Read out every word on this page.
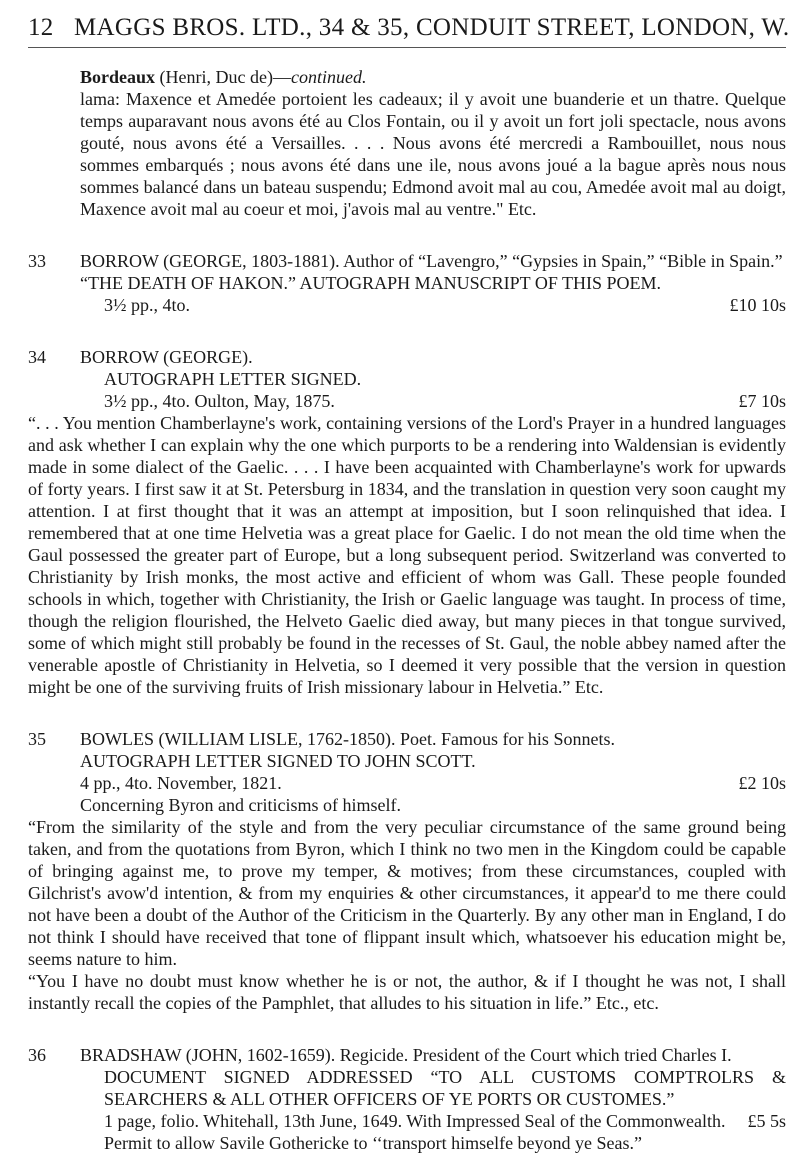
12 MAGGS BROS. LTD., 34 & 35, CONDUIT STREET, LONDON, W.

Bordeaux (Henri, Duc de)—continued.

lama: Maxence et Amedée portoient les cadeaux; il y avoit une buanderie et un thatre. Quelque temps auparavant nous avons été au Clos Fontain, ou il y avoit un fort joli spectacle, nous avons gouté, nous avons été a Versailles. . . . Nous avons été mercredi a Rambouillet, nous nous sommes embarqués ; nous avons été dans une ile, nous avons joué a la bague après nous nous sommes balancé dans un bateau suspendu; Edmond avoit mal au cou, Amedée avoit mal au doigt, Maxence avoit mal au coeur et moi, j'avois mal au ventre." Etc.

33	BORROW (GEORGE, 1803-1881). Author of “Lavengro,” “Gypsies in Spain,” “Bible in Spain.”

“THE DEATH OF HAKON.” AUTOGRAPH MANUSCRIPT OF THIS POEM.

3½ pp., 4to.	£10 10s
34	BORROW (GEORGE).

AUTOGRAPH LETTER SIGNED.

3½ pp., 4to. Oulton, May, 1875.	£7 10s

“. . . You mention Chamberlayne's work, containing versions of the Lord's Prayer in a hundred languages and ask whether I can explain why the one which purports to be a rendering into Waldensian is evidently made in some dialect of the Gaelic. . . . I have been acquainted with Chamberlayne's work for upwards of forty years. I first saw it at St. Petersburg in 1834, and the translation in question very soon caught my attention. I at first thought that it was an attempt at imposition, but I soon relinquished that idea. I remembered that at one time Helvetia was a great place for Gaelic. I do not mean the old time when the Gaul possessed the greater part of Europe, but a long subsequent period. Switzerland was converted to Christianity by Irish monks, the most active and efficient of whom was Gall. These people founded schools in which, together with Christianity, the Irish or Gaelic language was taught. In process of time, though the religion flourished, the Helveto Gaelic died away, but many pieces in that tongue survived, some of which might still probably be found in the recesses of St. Gaul, the noble abbey named after the venerable apostle of Christianity in Helvetia, so I deemed it very possible that the version in question might be one of the surviving fruits of Irish missionary labour in Helvetia.” Etc.

35	BOWLES (WILLIAM LISLE, 1762-1850). Poet. Famous for his Sonnets.

AUTOGRAPH LETTER SIGNED TO JOHN SCOTT.

4 pp., 4to. November, 1821.	£2 10s

Concerning Byron and criticisms of himself.

“From the similarity of the style and from the very peculiar circumstance of the same ground being taken, and from the quotations from Byron, which I think no two men in the Kingdom could be capable of bringing against me, to prove my temper, & motives; from these circumstances, coupled with Gilchrist's avow'd intention, & from my enquiries & other circumstances, it appear'd to me there could not have been a doubt of the Author of the Criticism in the Quarterly. By any other man in England, I do not think I should have received that tone of flippant insult which, whatsoever his education might be, seems nature to him.

“You I have no doubt must know whether he is or not, the author, & if I thought he was not, I shall instantly recall the copies of the Pamphlet, that alludes to his situation in life.” Etc., etc.

36	BRADSHAW (JOHN, 1602-1659). Regicide. President of the Court which tried Charles I.

DOCUMENT SIGNED ADDRESSED “TO ALL CUSTOMS COMPTROLRS & SEARCHERS & ALL OTHER OFFICERS OF YE PORTS OR CUSTOMES.”

1 page, folio. Whitehall, 13th June, 1649. With Impressed Seal of the Commonwealth. £5 5s

Permit to allow Savile Gothericke to ‘‘transport himselfe beyond ye Seas.”
